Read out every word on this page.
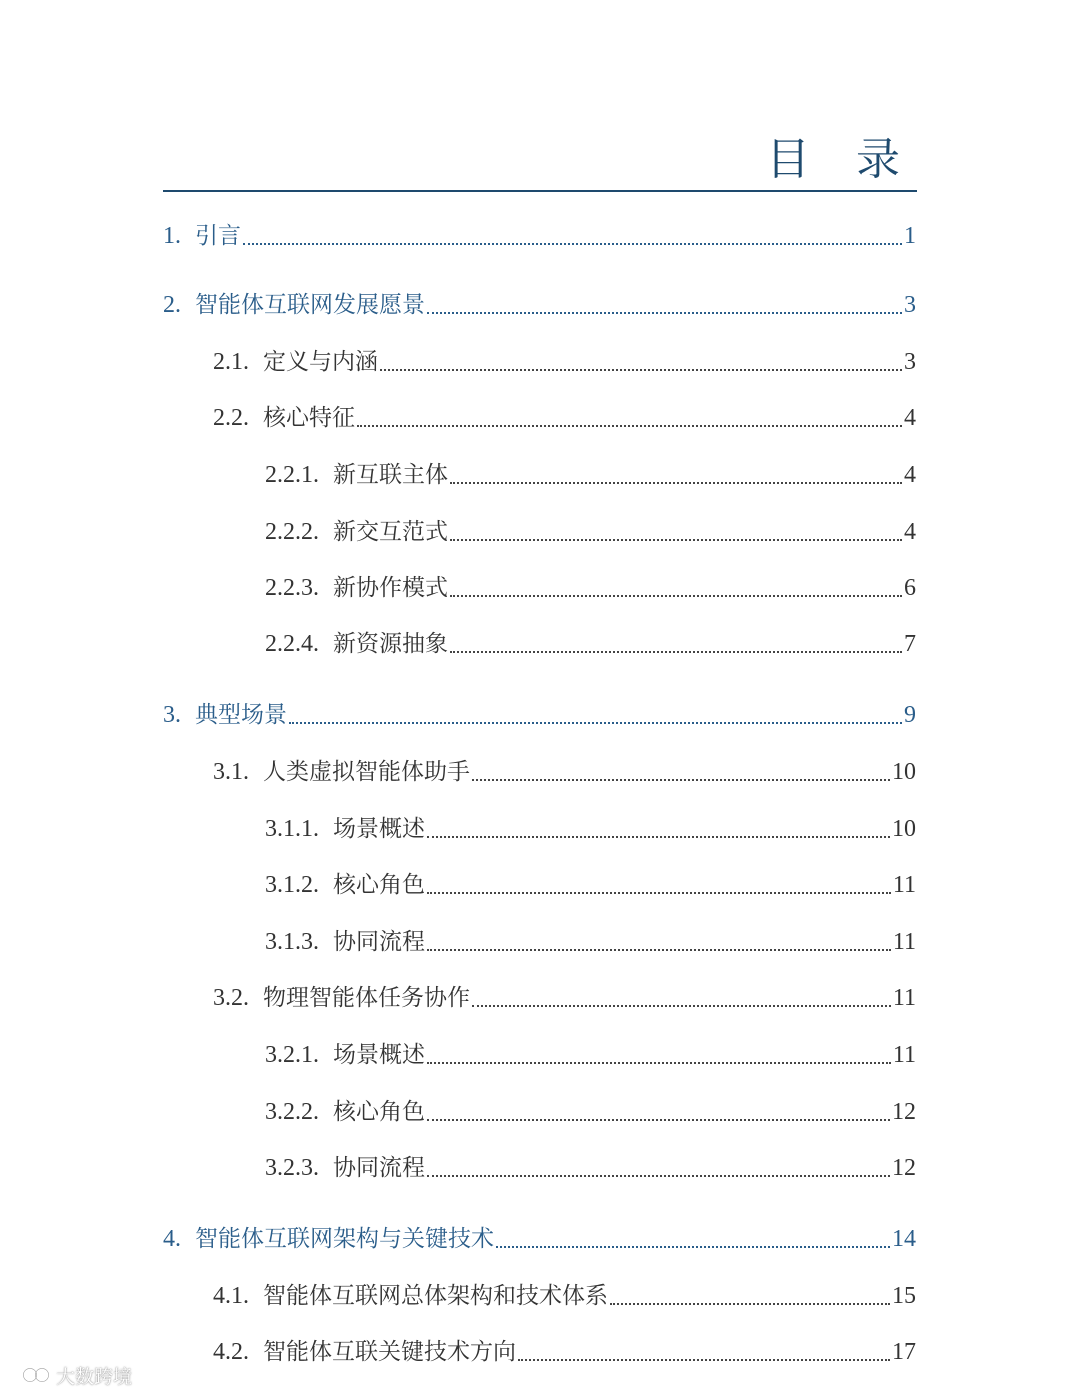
目 录
1. 引言	1
2. 智能体互联网发展愿景	3
2.1. 定义与内涵	3
2.2. 核心特征	4
2.2.1. 新互联主体	4
2.2.2. 新交互范式	4
2.2.3. 新协作模式	6
2.2.4. 新资源抽象	7
3. 典型场景	9
3.1. 人类虚拟智能体助手	10
3.1.1. 场景概述	10
3.1.2. 核心角色	11
3.1.3. 协同流程	11
3.2. 物理智能体任务协作	11
3.2.1. 场景概述	11
3.2.2. 核心角色	12
3.2.3. 协同流程	12
4. 智能体互联网架构与关键技术	14
4.1. 智能体互联网总体架构和技术体系	15
4.2. 智能体互联关键技术方向	17
大数跨境
